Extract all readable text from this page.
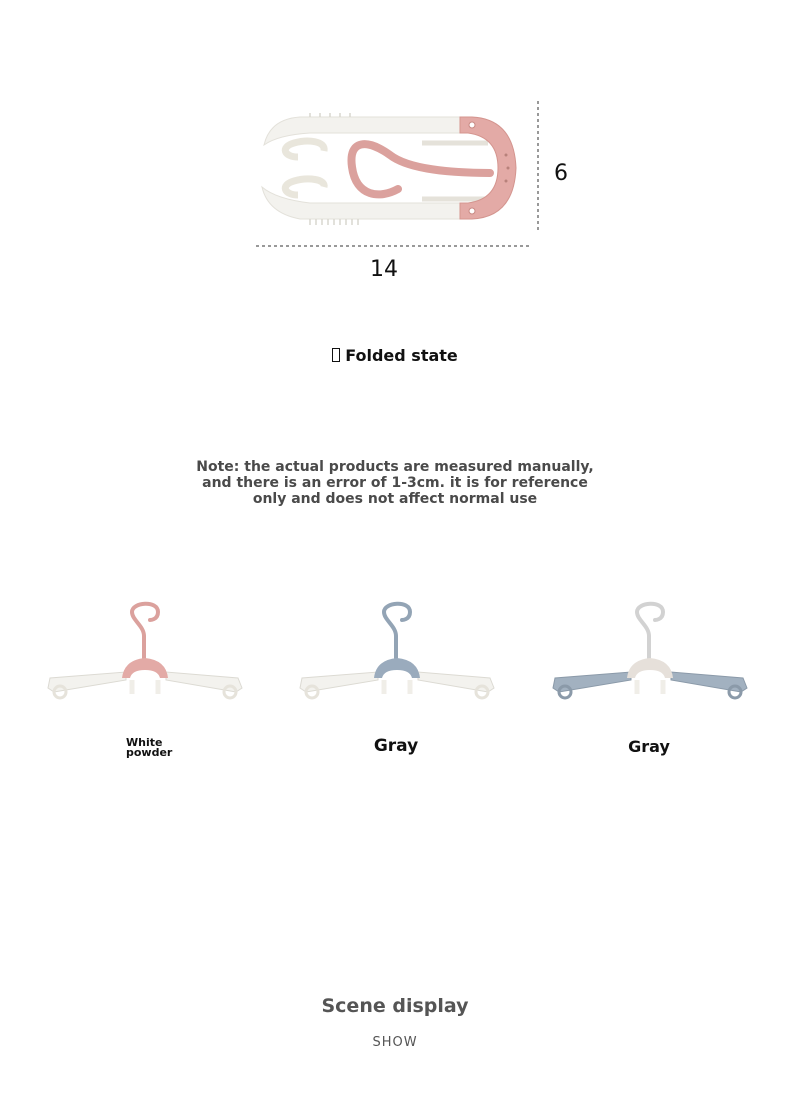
6
14
Folded state
Note: the actual products are measured manually,
and there is an error of 1-3cm. it is for reference
only and does not affect normal use
White
powder	Gray	Gray
Scene display
SHOW
